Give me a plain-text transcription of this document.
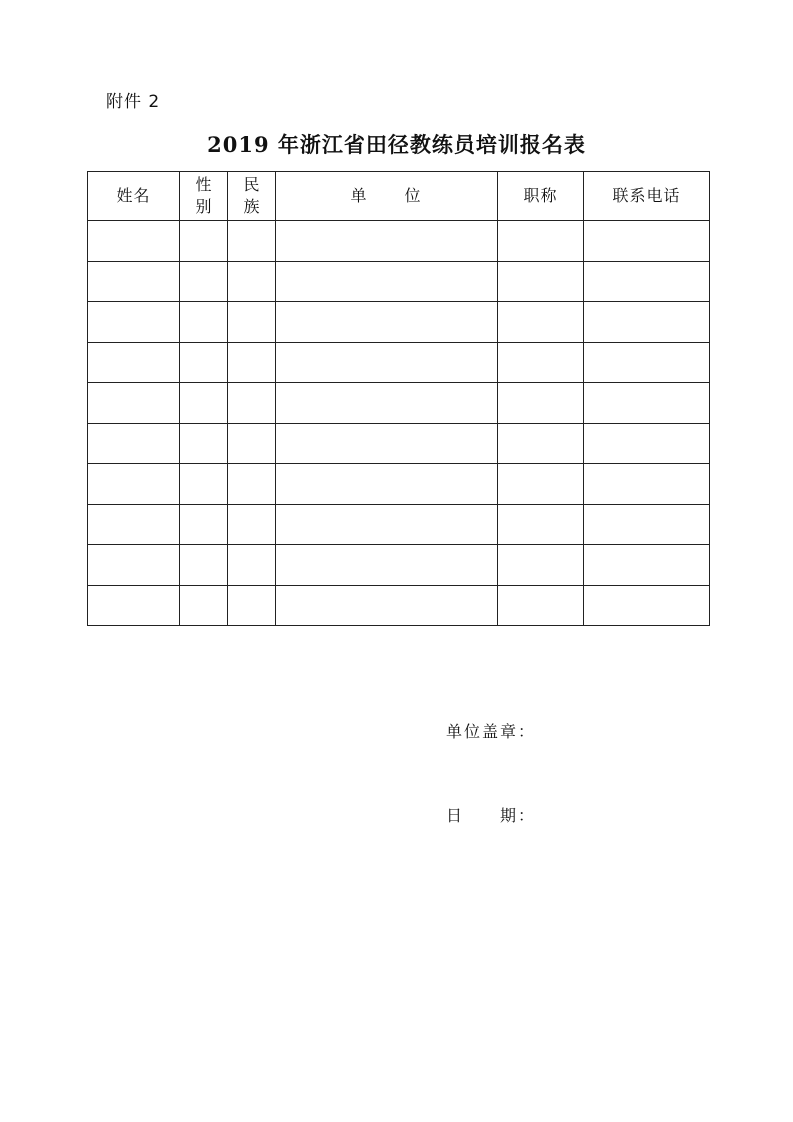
附件 2
2019 年浙江省田径教练员培训报名表
姓名	性别	民族	单　　位	职称	联系电话

单位盖章：
日　　期：
